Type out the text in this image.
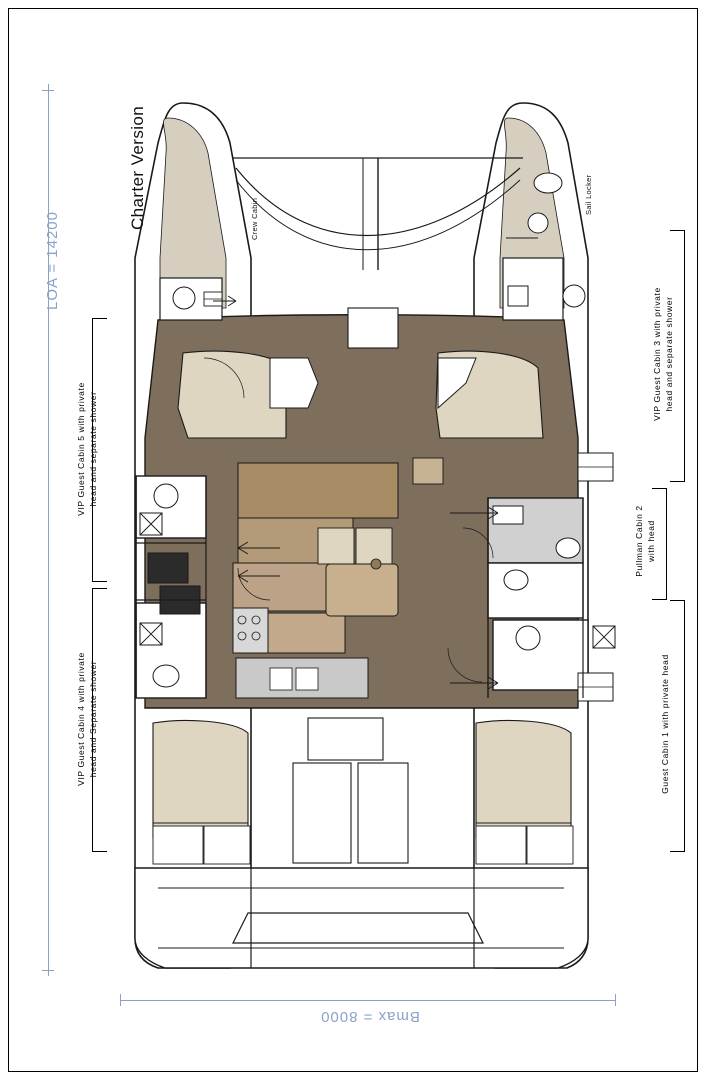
LOA = 14200
Bmax = 8000
Charter Version	Crew Cabin
Sail Locker
VIP Guest Cabin 5 with private head and separate shower
VIP Guest Cabin 4 with private head and Separate shower
VIP Guest Cabin 3 with private head and separate shower
Pullman Cabin 2 with head
Guest Cabin 1 with private head
